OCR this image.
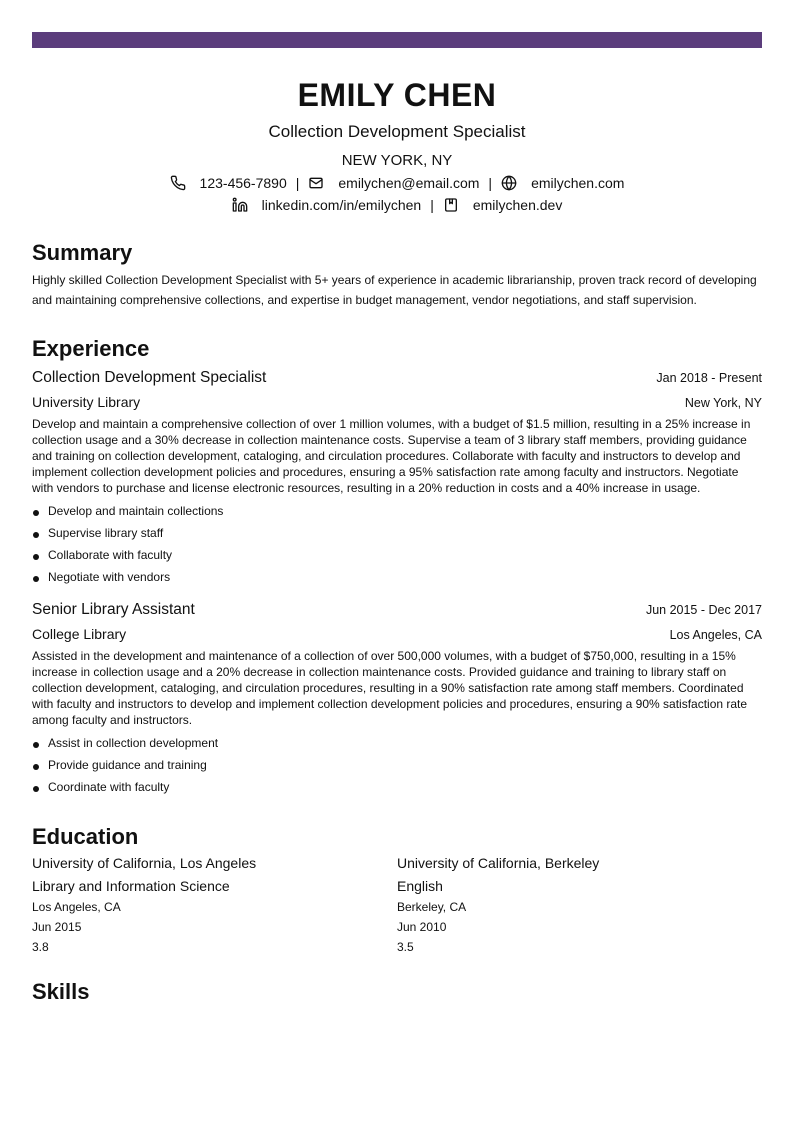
EMILY CHEN
Collection Development Specialist
NEW YORK, NY
123-456-7890 |	emilychen@email.com |	emilychen.com
linkedin.com/in/emilychen |	emilychen.dev
Summary
Highly skilled Collection Development Specialist with 5+ years of experience in academic librarianship, proven track record of developing and maintaining comprehensive collections, and expertise in budget management, vendor negotiations, and staff supervision.
Experience
Collection Development Specialist	Jan 2018 - Present
University Library	New York, NY
Develop and maintain a comprehensive collection of over 1 million volumes, with a budget of $1.5 million, resulting in a 25% increase in collection usage and a 30% decrease in collection maintenance costs. Supervise a team of 3 library staff members, providing guidance and training on collection development, cataloging, and circulation procedures. Collaborate with faculty and instructors to develop and implement collection development policies and procedures, ensuring a 95% satisfaction rate among faculty and instructors. Negotiate with vendors to purchase and license electronic resources, resulting in a 20% reduction in costs and a 40% increase in usage.
Develop and maintain collections
Supervise library staff
Collaborate with faculty
Negotiate with vendors
Senior Library Assistant	Jun 2015 - Dec 2017
College Library	Los Angeles, CA
Assisted in the development and maintenance of a collection of over 500,000 volumes, with a budget of $750,000, resulting in a 15% increase in collection usage and a 20% decrease in collection maintenance costs. Provided guidance and training to library staff on collection development, cataloging, and circulation procedures, resulting in a 90% satisfaction rate among staff members. Coordinated with faculty and instructors to develop and implement collection development policies and procedures, ensuring a 90% satisfaction rate among faculty and instructors.
Assist in collection development
Provide guidance and training
Coordinate with faculty
Education
University of California, Los Angeles
Library and Information Science
Los Angeles, CA
Jun 2015
3.8
University of California, Berkeley
English
Berkeley, CA
Jun 2010
3.5
Skills
